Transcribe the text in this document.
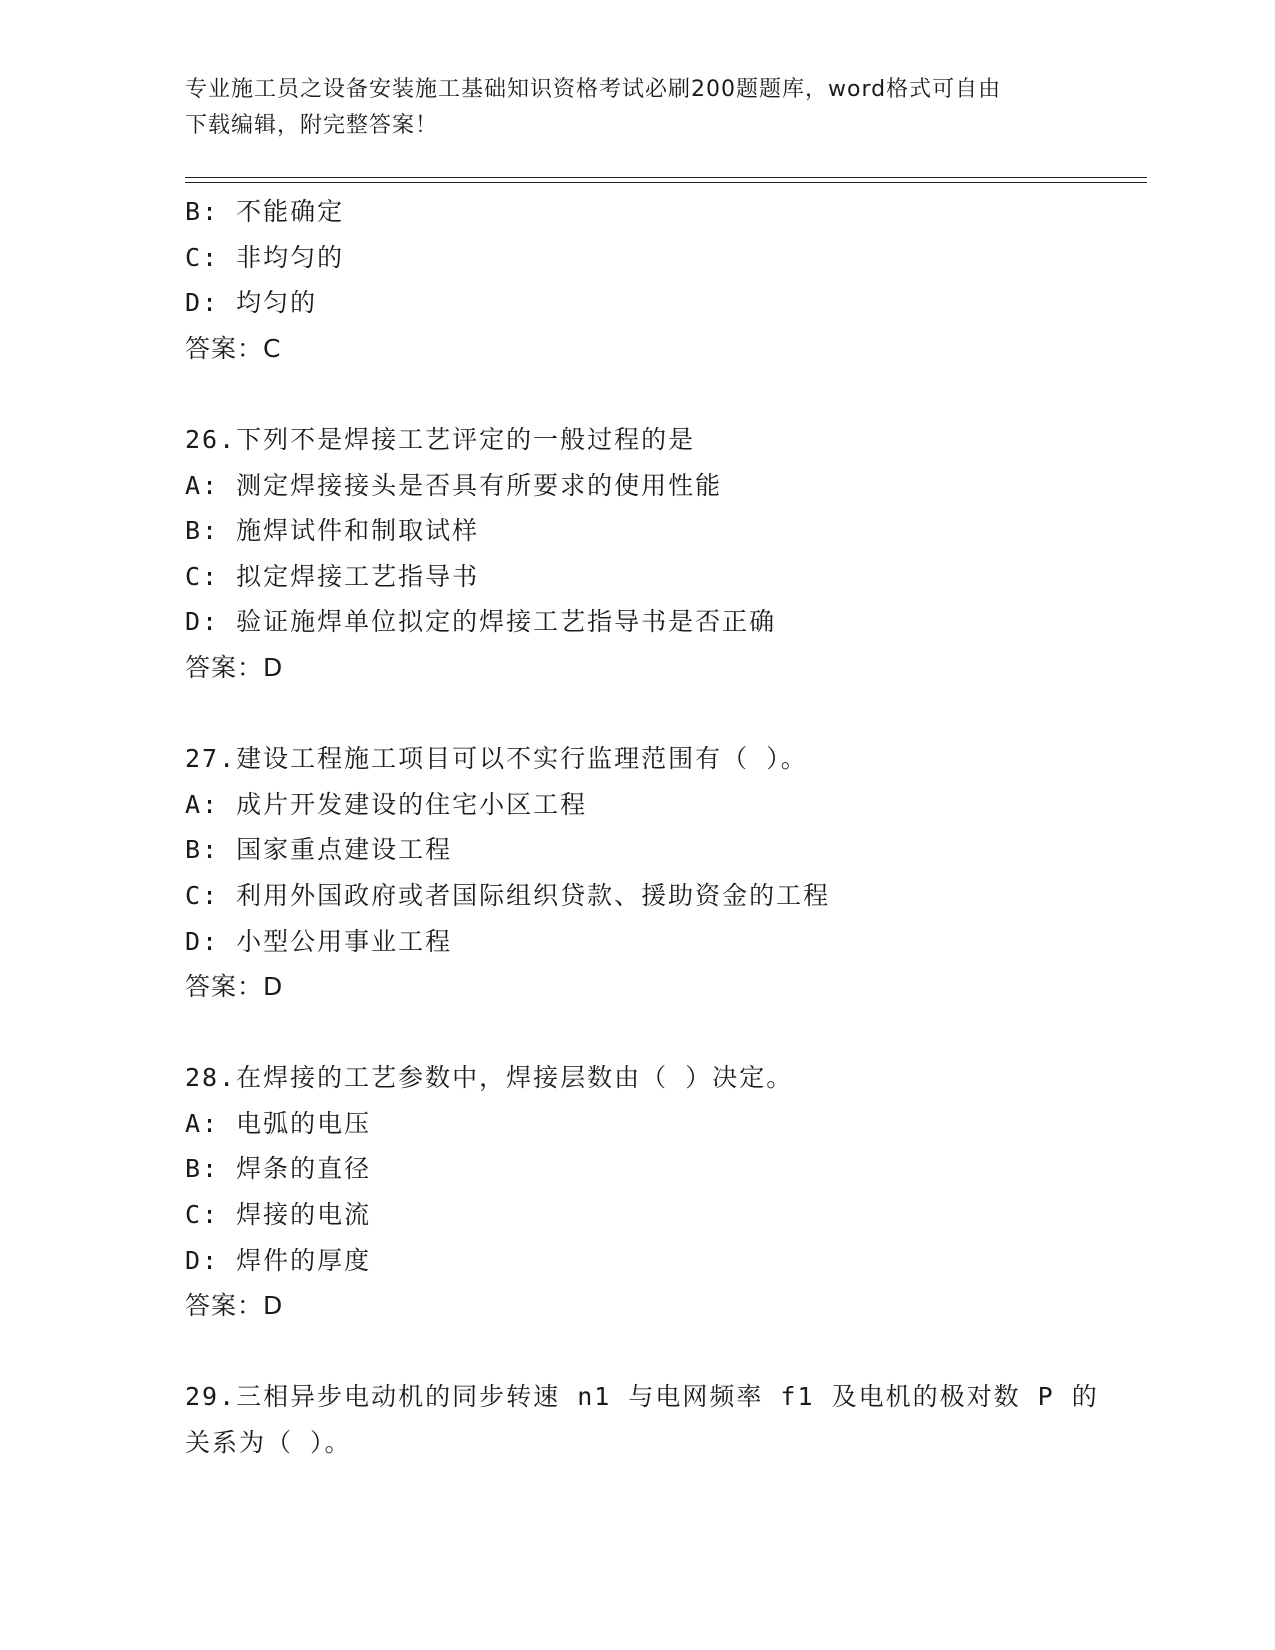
专业施工员之设备安装施工基础知识资格考试必刷200题题库，word格式可自由
下载编辑，附完整答案！
B: 不能确定
C: 非均匀的
D: 均匀的
答案：C
26.下列不是焊接工艺评定的一般过程的是
A: 测定焊接接头是否具有所要求的使用性能
B: 施焊试件和制取试样
C: 拟定焊接工艺指导书
D: 验证施焊单位拟定的焊接工艺指导书是否正确
答案：D
27.建设工程施工项目可以不实行监理范围有（ ）。
A: 成片开发建设的住宅小区工程
B: 国家重点建设工程
C: 利用外国政府或者国际组织贷款、援助资金的工程
D: 小型公用事业工程
答案：D
28.在焊接的工艺参数中，焊接层数由（ ）决定。
A: 电弧的电压
B: 焊条的直径
C: 焊接的电流
D: 焊件的厚度
答案：D
29.三相异步电动机的同步转速 n1 与电网频率 f1 及电机的极对数 P 的
关系为（ ）。
